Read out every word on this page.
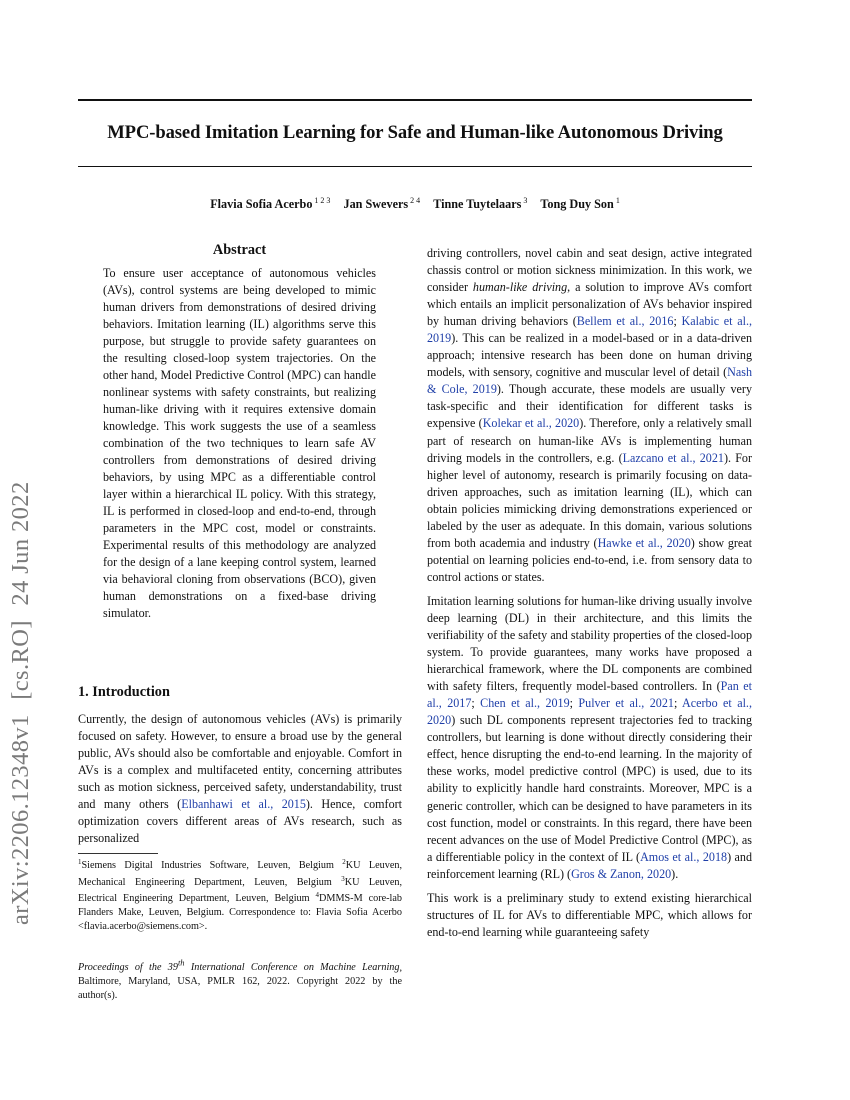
MPC-based Imitation Learning for Safe and Human-like Autonomous Driving
Flavia Sofia Acerbo $^{1 2 3}$ Jan Swevers $^{2 4}$ Tinne Tuytelaars $^3$ Tong Duy Son $^1$
arXiv:2206.12348v1 [cs.RO] 24 Jun 2022
Abstract
To ensure user acceptance of autonomous vehicles (AVs), control systems are being developed to mimic human drivers from demonstrations of desired driving behaviors. Imitation learning (IL) algorithms serve this purpose, but struggle to provide safety guarantees on the resulting closed-loop system trajectories. On the other hand, Model Predictive Control (MPC) can handle nonlinear systems with safety constraints, but realizing human-like driving with it requires extensive domain knowledge. This work suggests the use of a seamless combination of the two techniques to learn safe AV controllers from demonstrations of desired driving behaviors, by using MPC as a differentiable control layer within a hierarchical IL policy. With this strategy, IL is performed in closed-loop and end-to-end, through parameters in the MPC cost, model or constraints. Experimental results of this methodology are analyzed for the design of a lane keeping control system, learned via behavioral cloning from observations (BCO), given human demonstrations on a fixed-base driving simulator.
1. Introduction
Currently, the design of autonomous vehicles (AVs) is primarily focused on safety. However, to ensure a broad use by the general public, AVs should also be comfortable and enjoyable. Comfort in AVs is a complex and multifaceted entity, concerning attributes such as motion sickness, perceived safety, understandability, trust and many others (Elbanhawi et al., 2015). Hence, comfort optimization covers different areas of AVs research, such as personalized
$^1$Siemens Digital Industries Software, Leuven, Belgium $^2$KU Leuven, Mechanical Engineering Department, Leuven, Belgium $^3$KU Leuven, Electrical Engineering Department, Leuven, Belgium $^4$DMMS-M core-lab Flanders Make, Leuven, Belgium. Correspondence to: Flavia Sofia Acerbo <flavia.acerbo@siemens.com>.
Proceedings of the 39th International Conference on Machine Learning, Baltimore, Maryland, USA, PMLR 162, 2022. Copyright 2022 by the author(s).

driving controllers, novel cabin and seat design, active integrated chassis control or motion sickness minimization. In this work, we consider human-like driving, a solution to improve AVs comfort which entails an implicit personalization of AVs behavior inspired by human driving behaviors (Bellem et al., 2016; Kalabic et al., 2019). This can be realized in a model-based or in a data-driven approach; intensive research has been done on human driving models, with sensory, cognitive and muscular level of detail (Nash & Cole, 2019). Though accurate, these models are usually very task-specific and their identification for different tasks is expensive (Kolekar et al., 2020). Therefore, only a relatively small part of research on human-like AVs is implementing human driving models in the controllers, e.g. (Lazcano et al., 2021). For higher level of autonomy, research is primarily focusing on data-driven approaches, such as imitation learning (IL), which can obtain policies mimicking driving demonstrations experienced or labeled by the user as adequate. In this domain, various solutions from both academia and industry (Hawke et al., 2020) show great potential on learning policies end-to-end, i.e. from sensory data to control actions or states.

Imitation learning solutions for human-like driving usually involve deep learning (DL) in their architecture, and this limits the verifiability of the safety and stability properties of the closed-loop system. To provide guarantees, many works have proposed a hierarchical framework, where the DL components are combined with safety filters, frequently model-based controllers. In (Pan et al., 2017; Chen et al., 2019; Pulver et al., 2021; Acerbo et al., 2020) such DL components represent trajectories fed to tracking controllers, but learning is done without directly considering their effect, hence disrupting the end-to-end learning. In the majority of these works, model predictive control (MPC) is used, due to its ability to explicitly handle hard constraints. Moreover, MPC is a generic controller, which can be designed to have parameters in its cost function, model or constraints. In this regard, there have been recent advances on the use of Model Predictive Control (MPC), as a differentiable policy in the context of IL (Amos et al., 2018) and reinforcement learning (RL) (Gros & Zanon, 2020).

This work is a preliminary study to extend existing hierarchical structures of IL for AVs to differentiable MPC, which allows for end-to-end learning while guaranteeing safety
